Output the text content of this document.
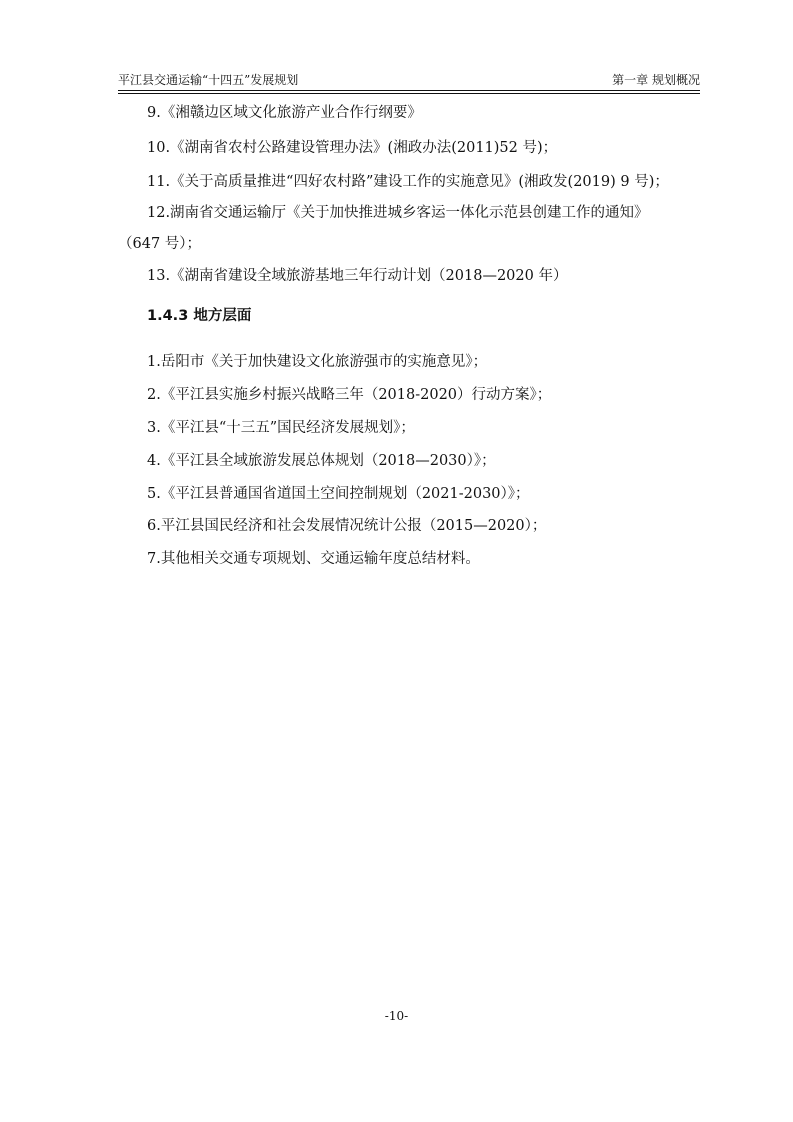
平江县交通运输“十四五”发展规划	第一章 规划概况
9.《湘赣边区域文化旅游产业合作行纲要》
10.《湖南省农村公路建设管理办法》(湘政办法(2011)52 号)；
11.《关于高质量推进“四好农村路”建设工作的实施意见》(湘政发(2019) 9 号)；
12.湖南省交通运输厅《关于加快推进城乡客运一体化示范县创建工作的通知》
（647 号）；
13.《湖南省建设全域旅游基地三年行动计划（2018—2020 年）
1.4.3 地方层面
1.岳阳市《关于加快建设文化旅游强市的实施意见》；
2.《平江县实施乡村振兴战略三年（2018-2020）行动方案》；
3.《平江县“十三五”国民经济发展规划》；
4.《平江县全域旅游发展总体规划（2018—2030）》；
5.《平江县普通国省道国土空间控制规划（2021-2030）》；
6.平江县国民经济和社会发展情况统计公报（2015—2020）；
7.其他相关交通专项规划、交通运输年度总结材料。
-10-
